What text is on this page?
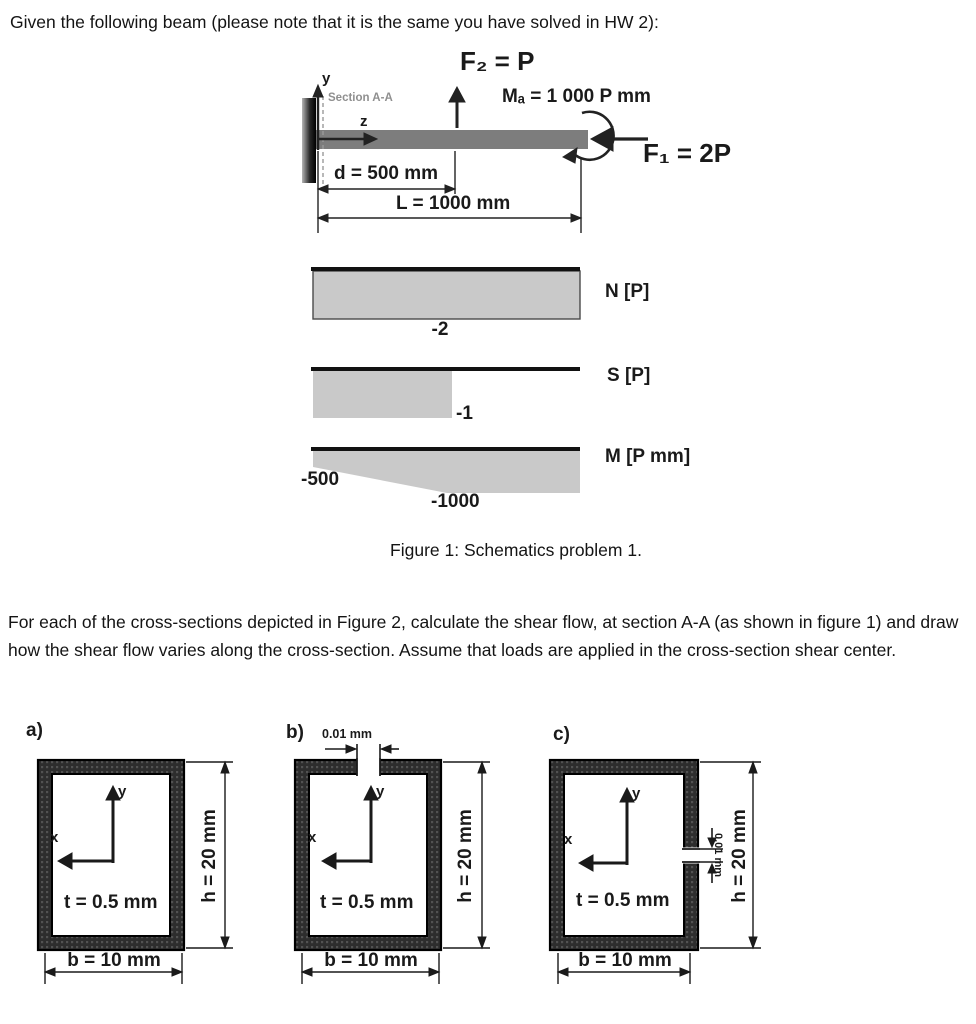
Given the following beam (please note that it is the same you have solved in HW 2):
y
Section A-A
z
F₂ = P
Mₐ = 1 000 P mm
F₁ = 2P
d = 500 mm
L = 1000 mm
N [P]
-2
S [P]
-1
M [P mm]
-500
-1000
Figure 1: Schematics problem 1.
For each of the cross-sections depicted in Figure 2, calculate the shear flow, at section A-A (as shown in figure 1) and draw how the shear flow varies along the cross-section. Assume that loads are applied in the cross-section shear center.
a)
y
x
t = 0.5 mm h = 20 mm
b = 10 mm
b) 0.01 mm
y
x
t = 0.5 mm h = 20 mm
b = 10 mm
c)
0.01 mm
y
x
t = 0.5 mm	h = 20 mm
b = 10 mm
